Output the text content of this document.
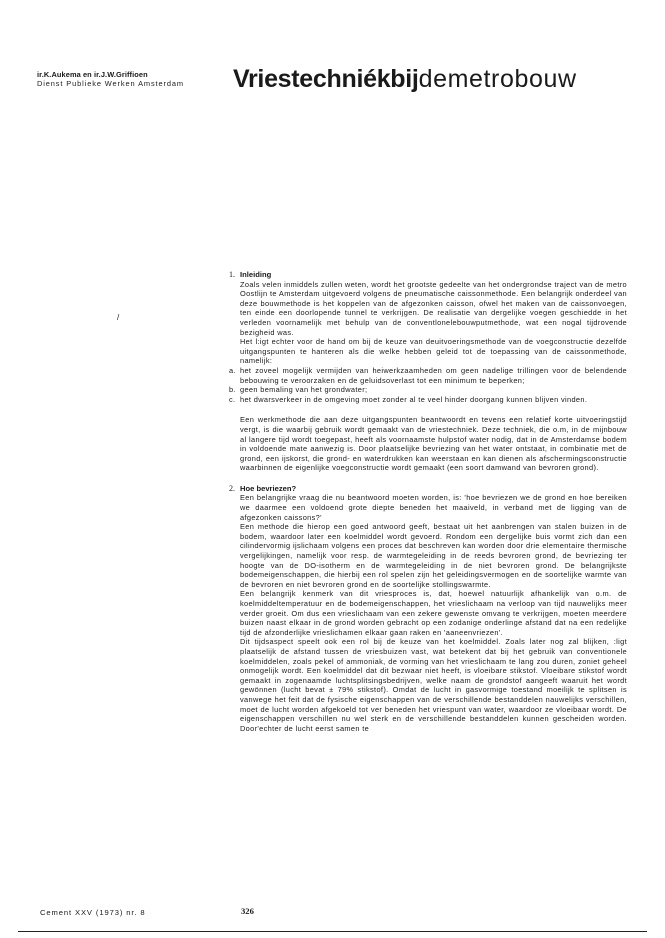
ir.K.Aukema en ir.J.W.Griffioen
Dienst Publieke Werken Amsterdam Vriestechniékbijdemetrobouw
/
1. Inleiding

Zoals velen inmiddels zullen weten, wordt het grootste gedeelte van het ondergrondse traject van de metro Oostlijn te Amsterdam uitgevoerd volgens de pneumatische caissonmethode. Een belangrijk onderdeel van deze bouwmethode is het koppelen van de afgezonken caisson, ofwel het maken van de caissonvoegen, ten einde een doorlopende tunnel te verkrijgen. De realisatie van dergelijke voegen geschiedde in het verleden voornamelijk met behulp van de conventlonelebouwputmethode, wat een nogal tijdrovende bezigheid was.

Het l:igt echter voor de hand om bij de keuze van deuitvoeringsmethode van de voegconstructie dezelfde uitgangspunten te hanteren als die welke hebben geleid tot de toepassing van de caissonmethode, namelijk:

a. het zoveel mogelijk vermijden van heiwerkzaamheden om geen nadelige trillingen voor de belendende bebouwing te veroorzaken en de geluidsoverlast tot een minimum te beperken;
b. geen bemaling van het grondwater;
c. het dwarsverkeer in de omgeving moet zonder al te veel hinder doorgang kunnen blijven vinden.

Een werkmethode die aan deze uitgangspunten beantwoordt en tevens een relatief korte uitvoeringstijd vergt, is die waarbij gebruik wordt gemaakt van de vriestechniek. Deze techniek, die o.m, in de mijnbouw al langere tijd wordt toegepast, heeft als voornaamste hulpstof water nodig, dat in de Amsterdamse bodem in voldoende mate aanwezig is. Door plaatselijke bevriezing van het water ontstaat, in combinatie met de grond, een ijskorst, die grond- en waterdrukken kan weerstaan en kan dienen als afschermingsconstructie waarbinnen de eigenlijke voegconstructie wordt gemaakt (een soort damwand van bevroren grond).

2. Hoe bevriezen?

Een belangrijke vraag die nu beantwoord moeten worden, is: 'hoe bevriezen we de grond en hoe bereiken we daarmee een voldoend grote diepte beneden het maaiveld, in verband met de ligging van de afgezonken caissons?'

Een methode die hierop een goed antwoord geeft, bestaat uit het aanbrengen van stalen buizen in de bodem, waardoor later een koelmiddel wordt gevoerd. Rondom een dergelijke buis vormt zich dan een cilindervormig ijslichaam volgens een proces dat beschreven kan worden door drie elementaire thermische vergelijkingen, namelijk voor resp. de warmtegeleiding in de reeds bevroren grond, de bevriezing ter hoogte van de DO-isotherm en de warmtegeleiding in de niet bevroren grond. De belangrijkste bodemeigenschappen, die hierbij een rol spelen zijn het geleidingsvermogen en de soortelijke warmte van de bevroren en niet bevroren grond en de soortelijke stollingswarmte.

Een belangrijk kenmerk van dit vriesproces is, dat, hoewel natuurlijk afhankelijk van o.m. de koelmiddeltemperatuur en de bodemeigenschappen, het vrieslichaam na verloop van tijd nauwelijks meer verder groeit. Om dus een vrieslichaam van een zekere gewenste omvang te verkrijgen, moeten meerdere buizen naast elkaar in de grond worden gebracht op een zodanige onderlinge afstand dat na een redelijke tijd de afzonderlijke vrieslichamen elkaar gaan raken en 'aaneenvriezen'.

Dit tijdsaspect speelt ook een rol bij de keuze van het koelmiddel. Zoals later nog zal blijken, :ligt plaatselijk de afstand tussen de vriesbuizen vast, wat betekent dat bij het gebruik van conventionele koelmiddelen, zoals pekel of ammoniak, de vorming van het vrieslichaam te lang zou duren, zoniet geheel onmogelijk wordt. Een koelmiddel dat dit bezwaar niet heeft, is vloeibare stikstof. Vloeibare stikstof wordt gemaakt in zogenaamde luchtsplitsingsbedrijven, welke naam de grondstof aangeeft waaruit het wordt gewönnen (lucht bevat ± 79% stikstof). Omdat de lucht in gasvormige toestand moeilijk te splitsen is vanwege het feit dat de fysische eigenschappen van de verschillende bestanddelen nauwelijks verschillen, moet de lucht worden afgekoeld tot ver beneden het vriespunt van water, waardoor ze vloeibaar wordt. De eigenschappen verschillen nu wel sterk en de verschillende bestanddelen kunnen gescheiden worden. Door'echter de lucht eerst samen te

Cement XXV (1973) nr. 8	326
